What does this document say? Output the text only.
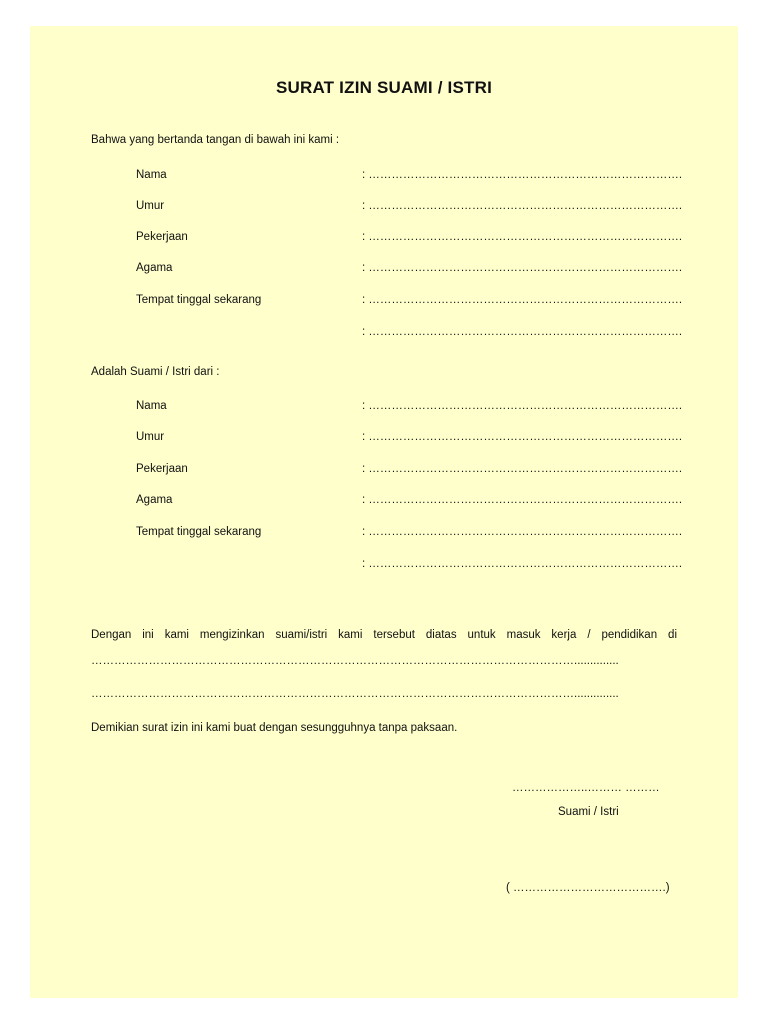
SURAT IZIN SUAMI / ISTRI
Bahwa yang bertanda tangan di bawah ini kami :
Nama	: ……………………………………………………………………….
Umur	: ……………………………………………………………………….
Pekerjaan	: ……………………………………………………………………….
Agama	: ……………………………………………………………………….
Tempat tinggal sekarang	: ……………………………………………………………………….
: ……………………………………………………………………….
Adalah Suami / Istri dari :
Nama	: ……………………………………………………………………….
Umur	: ……………………………………………………………………….
Pekerjaan	: ……………………………………………………………………….
Agama	: ……………………………………………………………………….
Tempat tinggal sekarang	: ……………………………………………………………………….
: ……………………………………………………………………….
Dengan ini kami mengizinkan suami/istri kami tersebut diatas untuk masuk kerja / pendidikan di
………………………………………………………………………………………………………………..............
………………………………………………………………………………………………………………..............
Demikian surat izin ini kami buat dengan sesungguhnya tanpa paksaan.
………………..……… ………
Suami / Istri
( ………………………………….)
